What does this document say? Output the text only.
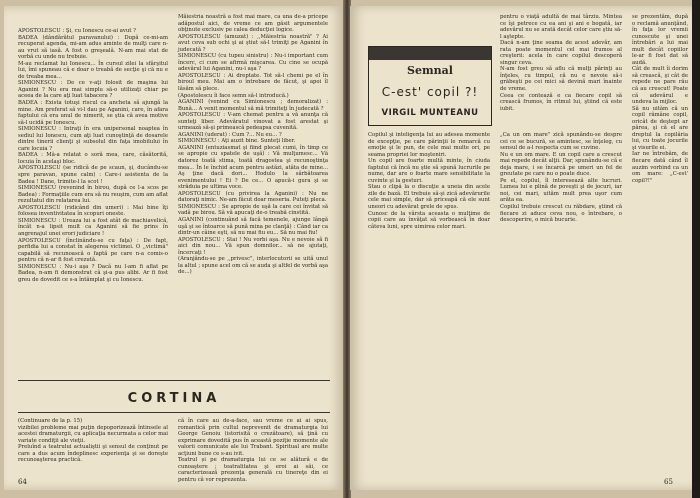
APOSTOLESCU : Şi, cu Ionescu ce-ai avut ?

BADEA (dândărătul paravanului) : După ce-mi-am recuperat agenda, mi-am adus aminte de mulţi care n-au vrut să iasă. A fost o greşeală. N-am mai stat de vorbă cu unde nu trebuie.

M-au reclamat lui Ionescu... În cursul zilei la sfârşitul lui, îmi spuneau că e doar o treabă de secţie şi că nu e de treaba mea...

SIMIONESCU : De ce v-aţi folosit de maşina lui Aganini ? Nu era mai simplu să-o utilizaţi chiar pe aceea de la care aţi luat tabacera ?

BADEA : Exista totuşi riscul ca ancheta să ajungă la mine. Am preferat să vi-l dau pe Aganini, care, în afara faptului că era unul de nimerit, se ştia că avea motive să-l ucidă pe Ionescu.

SIMIONESCU : Intraţi în era unipersonal noaptea în sediul lui Ionescu, cum aţi luat cunoştinţă de dosarele dintre tinerii clienţi şi subsolul din faţa imobilului în care locuia ?

BADEA : Mă-a relatat o soră mea, care, căsătorită, locuia în acelaşi bloc.

APOSTOLESCU (se ridică de pe scaun, şi, ducându-se spre paravan, spune calm) : Care-i asistenta de la Badea ! Dane, trimite-l la scot !

SIMIONESCU (revenind în birou, după ce l-a scos pe Badea) : Formaţiile cum era să nu reuşim, cum am aflat rezultatul din relatarea lui.

APOSTOLESCU (ridicând din umeri) : Mai bine îţi folosea inventivitatea în scopuri oneste.

SIMIONESCU : Ureaza lui a fost atât de machiavelică, încât n-a lipsit mult ca Aganini să fie prins în angrenajul unei erori judiciare !

APOSTOLESCU (înclinându-se cu faţa) : De fapt, perfidia lui a constat în alegerea victimei. O ,,victimă" capabilă să recunoască o faptă pe care n-a comis-o pentru că n-ar fi fost crezută.

SIMIONESCU : Nu-i aşa ? Dacă nu l-am fi aflat pe Badea, n-am fi demonstrat că şi-a pus alibi. Ar fi fost greu de dovedit ce s-a întâmplat şi cu Ionescu.

Măiestria noastră a fost mai mare, ca una de-a pricepe adăpostul aici, de vreme ce am găsit argumentele obţinute exclusiv pe calea deducţiei logice.

APOSTOLESCU (amuzat) : ,,Măiestria noastră" ? Ai avut ceva sub ochi şi ai ştiut să-l trimiţi pe Aganini în judecată ?

SIMIONESCU (cu tupeu sinistru) : Nu-i important cum încerc, ci cum se afirmă mişcarea. Cu cine se ocupă adevărul lui Aganini, nu-i aşa ?

APOSTOLESCU : Ai dreptate. Tot să-l chemi pe el în biroul meu. Mai am o întrebare de făcut, şi apoi îl lăsăm să plece.

(Apostolescu îi face semn să-l introducă.)

AGANINI (venind cu Simionescu ; demoralizat) : Bună... A venit momentul să mă trimiteţi în judecată ?

APOSTOLESCU : V-am chemat pentru a vă anunţa că sunteţi liber. Adevăratul vinovat a fost arestat şi urmează să-şi primească pedeapsa cuvenită.

AGANINI (uderat) : Cum ?... Nu eu... ?

SIMIONESCU : Aţi auzit bine. Sunteţi liber.

AGANINI (entuziasmat şi fiind plecat cumi, în timp ce se apropie cu spatele de uşă) : Vă mulţumesc... Vă datorez toată stima, toată dragostea şi recunoştinţa mea... În le închid acum pentru astăzi, atâta de mine... Aş ţine dacă dori... Hodulo la sărbătoarea evenimentului ! Ei ? De ce... O apucă-i gura şi se străduia pe ultima voce.

APOSTOLESCU (cu privirea la Aganini) : Nu ne datoraţi nimic. Ne-am făcut doar meseria. Puteţi pleca.

SIMIONESCU : Se apropie de uşă la care cei învitat să vadă pe birou. Să vă apucaţi de-o treabă cinstită.

AGANINI (continuând să facă temenele, ajunge lângă uşă şi se întoarce să pună mina pe clanţă) : Când iar ca dintr-un câine eşti, să nu mai fiu eu... Să nu mai fiu!

APOSTOLESCU : Stai ! Nu vorbi aşa. Nu e nevoie să fi aici din nou... Vă spun domnilor... să ne ajutaţi, încercaţi !

(Aranjându-se pe ,,privesc", interlocutorii se uită unul la altul ; spune acel om că se auda şi altfel de vorbă aşa de...)

CORTINA

(Continuare de la p. 15)

vizibilei probleme mai puţin depoporizează întinsele al acestei dramaturgii, cu aplicaţia necurmata a celor mai variate condiţii ale vieţii.

Preluînd a teatrului actualiştii şi sensul de conţinut pe care a dus acum îndeplinesc experienţa şi se doreşte recunoaşterea practică.

că în care au de-a-face, sau vreme ce ai ai spus, romantică prin cultul neprevenit de dramaturgia lui George Genoiu (istorisită o crezătoare), să ţină cu exprimare dovedită pus în această poziţie momente ale valorii comunicate ale lui Trabant. Spiritual are multe acţiuni bune ce s-au ivit.

Teatrul și pe dramaturgia lui ce se alătură e de cunoaştere ; teatralitatea şi eroi ai săi, ce caracterizează prezenţa generală cu tinereţe din ei pentru că vor reprezenta.

64
Semnal
C-est' copil ?!
VIRGIL MUNTEANU

Copilul şi inteligenţa lui au adesea momente de excepţie, pe care părinţii le remarcă cu emoţie şi le pun, de cele mai multe ori, pe seama propriei lor moşteniri.

Un copil are foarte multă minte, în ciuda faptului că încă nu ştie să spună lucrurile pe nume, dar are o foarte mare sensibilitate la cuvinte şi la gesturi.

Stau o clipă la o discuţie a uneia din acele zile de bază. El trebuie să-şi zică adevărurile cele mai simple, dar să priceapă că ele sunt uneori cu adevărat grele de spus.

Cunosc de la vârsta aceasta o mulţime de copii care au învăţat să vorbească în doar câteva luni, spre uimirea celor mari.

„Ca un om mare" zică spunându-se despre cei ce se bucură, se amintesc, se înţeleg, cu sensul de a-l respecta cum se cuvine.

Nu e un om mare. E un copil care a crescut mai repede decât alţii. Dar, spunându-se că e deja mare, i se încarcă pe umeri un fel de greutate pe care nu o poate duce.

Pe el, copilul, îl interesează alte lucruri. Lumea lui e plină de poveşti şi de jocuri, iar noi, cei mari, uităm mult prea uşor cum arăta ea.

Copilul trebuie crescut cu răbdare, ştiind că fiecare zi aduce ceva nou, o întrebare, o descoperire, o mică bucurie.

pentru o viaţă adultă de mai târziu. Mintea ce îşi petrece cu ea ani şi ani e bogată, iar adevărul nu se arată decât celor care ştiu să-l aştepte.

Dacă n-am ţine seama de acest adevăr, am rata poate momentul cel mai frumos al creşterii: acela în care copilul descoperă singur ceva.

N-am fost greu să aflu că mulţi părinţi au înţeles, cu timpul, că nu e nevoie să-i grăbeşti pe cei mici să devină mari înainte de vreme.

Ceea ce contează e ca fiecare copil să crească frumos, în ritmul lui, ştiind că este iubit.

se prezentăm, după o reclamă anunţând, în faţa lor vremii cunoscute şi unei întrebări a lui mai mult decât copiilor le-ar fi fost dat să audă.

Cât de mult îi dorim să crească, şi cât de repede ne pare rău că au crescut! Poate că adevărul e undeva la mijloc.

Să nu uităm că un copil rămâne copil, oricât de deştept ar părea, şi că el are dreptul la copilăria lui, cu toate jocurile şi visurile ei.

Iar ne întrebăm, de fiecare dată când îl auzim vorbind ca un om mare: „C-est' copil?!"

65
